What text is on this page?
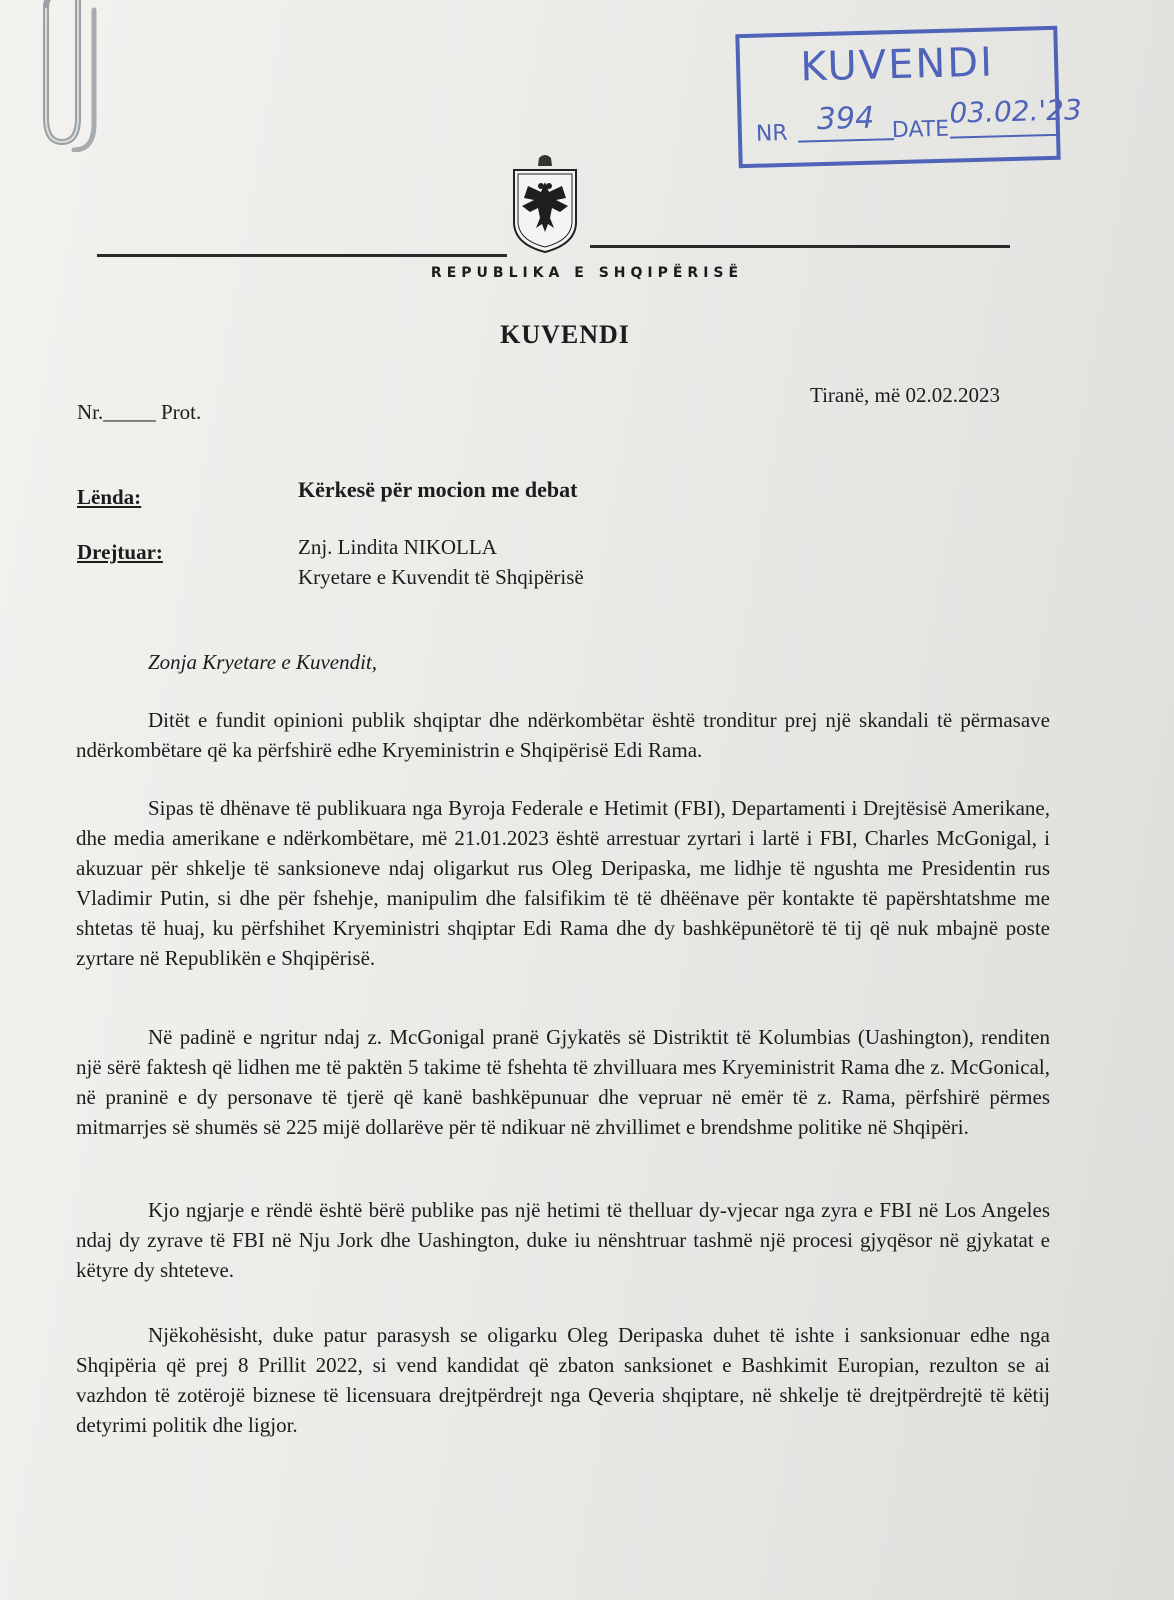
KUVENDI
NR 394 DATE
03.02.'23
REPUBLIKA E SHQIPËRISË
KUVENDI
Nr._____ Prot.
Tiranë, më 02.02.2023
Lënda:	Kërkesë për mocion me debat
Drejtuar:	Znj. Lindita NIKOLLA
Kryetare e Kuvendit të Shqipërisë
Zonja Kryetare e Kuvendit,
Ditët e fundit opinioni publik shqiptar dhe ndërkombëtar është tronditur prej një skandali të përmasave ndërkombëtare që ka përfshirë edhe Kryeministrin e Shqipërisë Edi Rama.
Sipas të dhënave të publikuara nga Byroja Federale e Hetimit (FBI), Departamenti i Drejtësisë Amerikane, dhe media amerikane e ndërkombëtare, më 21.01.2023 është arrestuar zyrtari i lartë i FBI, Charles McGonigal, i akuzuar për shkelje të sanksioneve ndaj oligarkut rus Oleg Deripaska, me lidhje të ngushta me Presidentin rus Vladimir Putin, si dhe për fshehje, manipulim dhe falsifikim të të dhëënave për kontakte të papërshtatshme me shtetas të huaj, ku përfshihet Kryeministri shqiptar Edi Rama dhe dy bashkëpunëtorë të tij që nuk mbajnë poste zyrtare në Republikën e Shqipërisë.
Në padinë e ngritur ndaj z. McGonigal pranë Gjykatës së Distriktit të Kolumbias (Uashington), renditen një sërë faktesh që lidhen me të paktën 5 takime të fshehta të zhvilluara mes Kryeministrit Rama dhe z. McGonical, në praninë e dy personave të tjerë që kanë bashkëpunuar dhe vepruar në emër të z. Rama, përfshirë përmes mitmarrjes së shumës së 225 mijë dollarëve për të ndikuar në zhvillimet e brendshme politike në Shqipëri.
Kjo ngjarje e rëndë është bërë publike pas një hetimi të thelluar dy-vjecar nga zyra e FBI në Los Angeles ndaj dy zyrave të FBI në Nju Jork dhe Uashington, duke iu nënshtruar tashmë një procesi gjyqësor në gjykatat e këtyre dy shteteve.
Njëkohësisht, duke patur parasysh se oligarku Oleg Deripaska duhet të ishte i sanksionuar edhe nga Shqipëria që prej 8 Prillit 2022, si vend kandidat që zbaton sanksionet e Bashkimit Europian, rezulton se ai vazhdon të zotërojë biznese të licensuara drejtpërdrejt nga Qeveria shqiptare, në shkelje të drejtpërdrejtë të këtij detyrimi politik dhe ligjor.
